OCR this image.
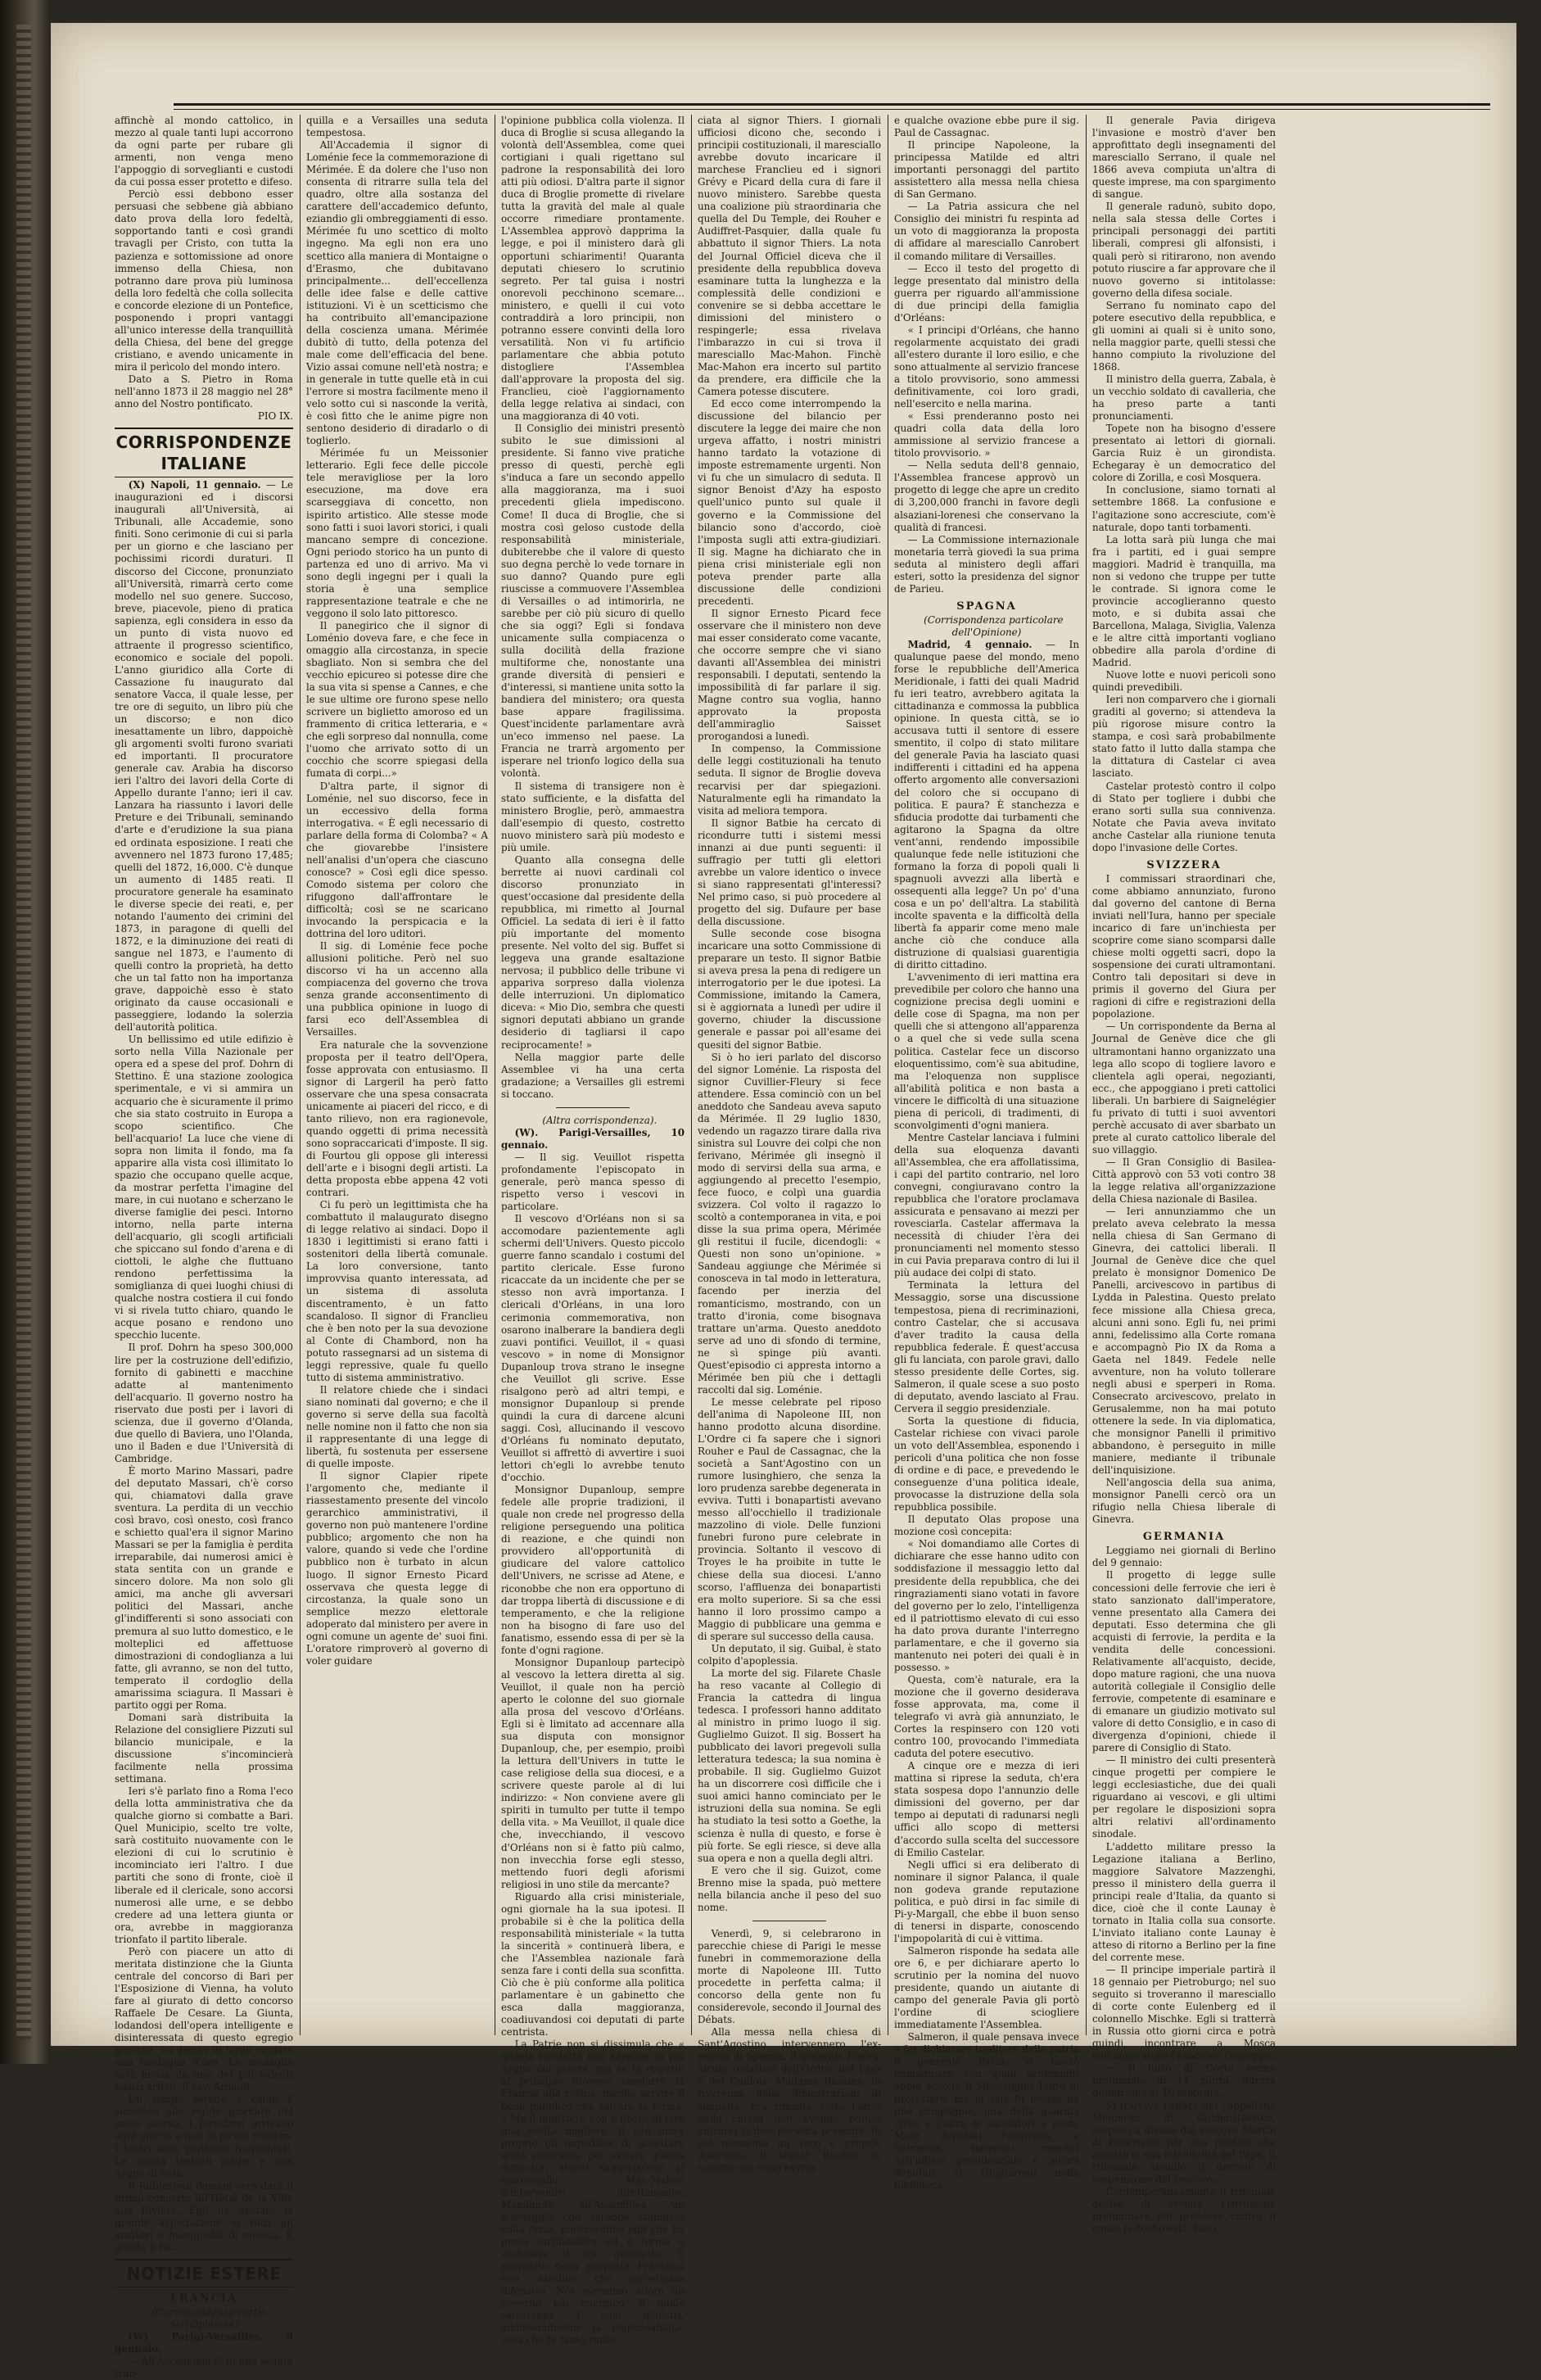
affinchè al mondo cattolico, in mezzo al quale tanti lupi accorrono da ogni parte per rubare gli armenti, non venga meno l'appoggio di sorveglianti e custodi da cui possa esser protetto e difeso.

Perciò essi debbono esser persuasi che sebbene già abbiano dato prova della loro fedeltà, sopportando tanti e così grandi travagli per Cristo, con tutta la pazienza e sottomissione ad onore immenso della Chiesa, non potranno dare prova più luminosa della loro fedeltà che colla sollecita e concorde elezione di un Pontefice, posponendo i propri vantaggi all'unico interesse della tranquillità della Chiesa, del bene del gregge cristiano, e avendo unicamente in mira il perìcolo del mondo intero.

Dato a S. Pietro in Roma nell'anno 1873 il 28 maggio nel 28° anno del Nostro pontificato.

PIO IX.

CORRISPONDENZE ITALIANE

(X) Napoli, 11 gennaio. — Le inaugurazioni ed i discorsi inaugurali all'Università, ai Tribunali, alle Accademie, sono finiti. Sono cerimonie di cui si parla per un giorno e che lasciano per pochissimi ricordi duraturi. Il discorso del Ciccone, pronunziato all'Università, rimarrà certo come modello nel suo genere. Succoso, breve, piacevole, pieno di pratica sapienza, egli considera in esso da un punto di vista nuovo ed attraente il progresso scientifico, economico e sociale del popoli. L'anno giuridico alla Corte di Cassazione fu inaugurato dal senatore Vacca, il quale lesse, per tre ore di seguito, un libro più che un discorso; e non dico inesattamente un libro, dappoichè gli argomenti svolti furono svariati ed importanti. Il procuratore generale cav. Arabia ha discorso ieri l'altro dei lavori della Corte di Appello durante l'anno; ieri il cav. Lanzara ha riassunto i lavori delle Preture e dei Tribunali, seminando d'arte e d'erudizione la sua piana ed ordinata esposizione. I reati che avvennero nel 1873 furono 17,485; quelli del 1872, 16,000. C'è dunque un aumento di 1485 reati. Il procuratore generale ha esaminato le diverse specie dei reati, e, per notando l'aumento dei crimini del 1873, in paragone di quelli del 1872, e la diminuzione dei reati di sangue nel 1873, e l'aumento di quelli contro la proprietà, ha detto che un tal fatto non ha importanza grave, dappoichè esso è stato originato da cause occasionali e passeggiere, lodando la solerzia dell'autorità politica.

Un bellissimo ed utile edifizio è sorto nella Villa Nazionale per opera ed a spese del prof. Dohrn di Stettino. È una stazione zoologica sperimentale, e vi si ammira un acquario che è sicuramente il primo che sia stato costruito in Europa a scopo scientifico. Che bell'acquario! La luce che viene di sopra non limita il fondo, ma fa apparire alla vista così illimitato lo spazio che occupano quelle acque, da mostrar perfetta l'imagine del mare, in cui nuotano e scherzano le diverse famiglie dei pesci. Intorno intorno, nella parte interna dell'acquario, gli scogli artificiali che spiccano sul fondo d'arena e di ciottoli, le alghe che fluttuano rendono perfettissima la somiglianza di quei luoghi chiusi di qualche nostra costiera il cui fondo vi si rivela tutto chiaro, quando le acque posano e rendono uno specchio lucente.

Il prof. Dohrn ha speso 300,000 lire per la costruzione dell'edifizio, fornito di gabinetti e macchine adatte al mantenimento dell'acquario. Il governo nostro ha riservato due posti per i lavori di scienza, due il governo d'Olanda, due quello di Baviera, uno l'Olanda, uno il Baden e due l'Università di Cambridge.

È morto Marino Massari, padre del deputato Massari, ch'è corso qui, chiamatovi dalla grave sventura. La perdita di un vecchio così bravo, così onesto, così franco e schietto qual'era il signor Marino Massari se per la famiglia è perdita irreparabile, dai numerosi amici è stata sentita con un grande e sincero dolore. Ma non solo gli amici, ma anche gli avversari politici del Massari, anche gl'indifferenti si sono associati con premura al suo lutto domestico, e le molteplici ed affettuose dimostrazioni di condoglianza a lui fatte, gli avranno, se non del tutto, temperato il cordoglio della amarissima sciagura. Il Massari è partito oggi per Roma.

Domani sarà distribuita la Relazione del consigliere Pizzuti sul bilancio municipale, e la discussione s'incomincierà facilmente nella prossima settimana.

Ieri s'è parlato fino a Roma l'eco della lotta amministrativa che da qualche giorno si combatte a Bari. Quel Municipio, scelto tre volte, sarà costituito nuovamente con le elezioni di cui lo scrutinio è incominciato ieri l'altro. I due partiti che sono di fronte, cioè il liberale ed il clericale, sono accorsi numerosi alle urne, e se debbo credere ad una lettera giunta or ora, avrebbe in maggioranza trionfato il partito liberale.

Però con piacere un atto di meritata distinzione che la Giunta centrale del concorso di Bari per l'Esposizione di Vienna, ha voluto fare al giurato di detto concorso Raffaele De Cesare. La Giunta, lodandosi dell'opera intelligente e disinteressata di questo egregio giovane, ha deciso di fargli coniare una medaglia d'oro. La medaglia sarà incisa da uno dei più valenti nostri artisti, il cav. Arnaud.

Un tempo sereno e caldo è successo alle rigide giornate del mese scorso. I forestieri arrivano ogni giorno e non in piccol numero. I teatri sono piuttosto frequentati. Le novità teatrali poche e non degne di nota.

Il Rubinstein domani sera darà il primo concerto all'Hôtel de la Ville alla Riviera. Egli ha destato la grande aspettazione di tutti gli amatori e buongustai di musica. È giunto il Re.

NOTIZIE ESTERE
FRANCIA

(Corrispondenza partic. dell'Opinione)

(W) Parigi-Versailles, 9 gennaio.

— All'Accademia ci fu una seduta tran-

quilla e a Versailles una seduta tempestosa.

All'Accademia il signor di Loménie fece la commemorazione di Mérimée. È da dolere che l'uso non consenta di ritrarre sulla tela del quadro, oltre alla sostanza del carattere dell'accademico defunto, eziandio gli ombreggiamenti di esso. Mérimée fu uno scettico di molto ingegno. Ma egli non era uno scettico alla maniera di Montaigne o d'Erasmo, che dubitavano principalmente... dell'eccellenza delle idee false e delle cattive istituzioni. Vi è un scetticismo che ha contribuito all'emancipazione della coscienza umana. Mérimée dubitò di tutto, della potenza del male come dell'efficacia del bene. Vizio assai comune nell'età nostra; e in generale in tutte quelle età in cui l'errore si mostra facilmente meno il velo sotto cui si nasconde la verità, è così fitto che le anime pigre non sentono desiderio di diradarlo o di toglierlo.

Mérimée fu un Meissonier letterario. Egli fece delle piccole tele meravigliose per la loro esecuzione, ma dove era scarseggiava di concetto, non ispirito artistico. Alle stesse mode sono fatti i suoi lavori storici, i quali mancano sempre di concezione. Ogni periodo storico ha un punto di partenza ed uno di arrivo. Ma vi sono degli ingegni per i quali la storia è una semplice rappresentazione teatrale e che ne veggono il solo lato pittoresco.

Il panegirico che il signor di Loménio doveva fare, e che fece in omaggio alla circostanza, in specie sbagliato. Non si sembra che del vecchio epicureo si potesse dire che la sua vita si spense a Cannes, e che le sue ultime ore furono spese nello scrivere un biglietto amoroso ed un frammento di critica letteraria, e « che egli sorpreso dal nonnulla, come l'uomo che arrivato sotto di un cocchio che scorre spiegasi della fumata di corpi...»

D'altra parte, il signor di Loménie, nel suo discorso, fece in un eccessivo della forma interrogativa. « È egli necessario di parlare della forma di Colomba? « A che giovarebbe l'insistere nell'analisi d'un'opera che ciascuno conosce? » Così egli dice spesso. Comodo sistema per coloro che rifuggono dall'affrontare le difficoltà; così se ne scaricano invocando la perspicacia e la dottrina del loro uditori.

Il sig. di Loménie fece poche allusioni politiche. Però nel suo discorso vi ha un accenno alla compiacenza del governo che trova senza grande acconsentimento di una pubblica opinione in luogo di farsi eco dell'Assemblea di Versailles.

Era naturale che la sovvenzione proposta per il teatro dell'Opera, fosse approvata con entusiasmo. Il signor di Largeril ha però fatto osservare che una spesa consacrata unicamente ai piaceri del ricco, e di tanto rilievo, non era ragionevole, quando oggetti di prima necessità sono sopraccaricati d'imposte. Il sig. di Fourtou gli oppose gli interessi dell'arte e i bisogni degli artisti. La detta proposta ebbe appena 42 voti contrari.

Ci fu però un legittimista che ha combattuto il malaugurato disegno di legge relativo ai sindaci. Dopo il 1830 i legittimisti si erano fatti i sostenitori della libertà comunale. La loro conversione, tanto improvvisa quanto interessata, ad un sistema di assoluta discentramento, è un fatto scandaloso. Il signor di Franclieu che è ben noto per la sua devozione al Conte di Chambord, non ha potuto rassegnarsi ad un sistema di leggi repressive, quale fu quello tutto di sistema amministrativo.

Il relatore chiede che i sindaci siano nominati dal governo; e che il governo si serve della sua facoltà nelle nomine non il fatto che non sia il rappresentante di una legge di libertà, fu sostenuta per essersene di quelle imposte.

Il signor Clapier ripete l'argomento che, mediante il riassestamento presente del vincolo gerarchico amministrativi, il governo non può mantenere l'ordine pubblico; argomento che non ha valore, quando si vede che l'ordine pubblico non è turbato in alcun luogo. Il signor Ernesto Picard osservava che questa legge di circostanza, la quale sono un semplice mezzo elettorale adoperato dal ministero per avere in ogni comune un agente de' suoi fini. L'oratore rimproverò al governo di voler guidare

l'opinione pubblica colla violenza. Il duca di Broglie si scusa allegando la volontà dell'Assemblea, come quei cortigiani i quali rigettano sul padrone la responsabilità dei loro atti più odiosi. D'altra parte il signor duca di Broglie promette di rivelare tutta la gravità del male al quale occorre rimediare prontamente. L'Assemblea approvò dapprima la legge, e poi il ministero darà gli opportuni schiarimenti! Quaranta deputati chiesero lo scrutinio segreto. Per tal guisa i nostri onorevoli pecchinono scemare... ministero, e quelli il cui voto contraddirà a loro principii, non potranno essere convinti della loro versatilità. Non vi fu artificio parlamentare che abbia potuto distogliere l'Assemblea dall'approvare la proposta del sig. Franclieu, cioè l'aggiornamento della legge relativa ai sindaci, con una maggioranza di 40 voti.

Il Consiglio dei ministri presentò subito le sue dimissioni al presidente. Si fanno vive pratiche presso di questi, perchè egli s'induca a fare un secondo appello alla maggioranza, ma i suoi precedenti gliela impediscono. Come! Il duca di Broglie, che si mostra così geloso custode della responsabilità ministeriale, dubiterebbe che il valore di questo suo degna perchè lo vede tornare in suo danno? Quando pure egli riuscisse a commuovere l'Assemblea di Versailles o ad intimorirla, ne sarebbe per ciò più sicuro di quello che sia oggi? Egli si fondava unicamente sulla compiacenza o sulla docilità della frazione multiforme che, nonostante una grande diversità di pensieri e d'interessi, si mantiene unita sotto la bandiera del ministero; ora questa base appare fragilissima. Quest'incidente parlamentare avrà un'eco immenso nel paese. La Francia ne trarrà argomento per isperare nel trionfo logico della sua volontà.

Il sistema di transigere non è stato sufficiente, e la disfatta del ministero Broglie, però, ammaestra dall'esempio di questo, costretto nuovo ministero sarà più modesto e più umile.

Quanto alla consegna delle berrette ai nuovi cardinali col discorso pronunziato in quest'occasione dal presidente della repubblica, mi rimetto al Journal Officiel. La sedata di ieri è il fatto più importante del momento presente. Nel volto del sig. Buffet si leggeva una grande esaltazione nervosa; il pubblico delle tribune vi appariva sorpreso dalla violenza delle interruzioni. Un diplomatico diceva: « Mio Dio, sembra che questi signori deputati abbiano un grande desiderio di tagliarsi il capo reciprocamente! »

Nella maggior parte delle Assemblee vi ha una certa gradazione; a Versailles gli estremi si toccano.

(Altra corrispondenza).

(W). Parigi-Versailles, 10 gennaio.

— Il sig. Veuillot rispetta profondamente l'episcopato in generale, però manca spesso di rispetto verso i vescovi in particolare.

Il vescovo d'Orléans non si sa accomodare pazientemente agli schermi dell'Univers. Questo piccolo guerre fanno scandalo i costumi del partito clericale. Esse furono ricaccate da un incidente che per se stesso non avrà importanza. I clericali d'Orléans, in una loro cerimonia commemorativa, non osarono inalberare la bandiera degli zuavi pontifici. Veuillot, il « quasi vescovo » in nome di Monsignor Dupanloup trova strano le insegne che Veuillot gli scrive. Esse risalgono però ad altri tempi, e monsignor Dupanloup si prende quindi la cura di darcene alcuni saggi. Così, allucinando il vescovo d'Orléans fu nominato deputato, Veuillot si affrettò di avvertire i suoi lettori ch'egli lo avrebbe tenuto d'occhio.

Monsignor Dupanloup, sempre fedele alle proprie tradizioni, il quale non crede nel progresso della religione perseguendo una politica di reazione, e che quindi non provvidero all'opportunità di giudicare del valore cattolico dell'Univers, ne scrisse ad Atene, e riconobbe che non era opportuno di dar troppa libertà di discussione e di temperamento, e che la religione non ha bisogno di fare uso del fanatismo, essendo essa di per sè la fonte d'ogni ragione.

Monsignor Dupanloup partecipò al vescovo la lettera diretta al sig. Veuillot, il quale non ha perciò aperto le colonne del suo giornale alla prosa del vescovo d'Orléans. Egli si è limitato ad accennare alla sua disputa con monsignor Dupanloup, che, per esempio, proibì la lettura dell'Univers in tutte le case religiose della sua diocesi, e a scrivere queste parole al di lui indirizzo: « Non conviene avere gli spiriti in tumulto per tutte il tempo della vita. » Ma Veuillot, il quale dice che, invecchiando, il vescovo d'Orléans non si è fatto più calmo, non invecchia forse egli stesso, mettendo fuori degli aforismi religiosi in uno stile da mercante?

Riguardo alla crisi ministeriale, ogni giornale ha la sua ipotesi. Il probabile si è che la politica della responsabilità ministeriale « la tutta la sincerità » continuerà libera, e che l'Assemblea nazionale farà senza fare i conti della sua sconfitta. Ciò che è più conforme alla politica parlamentare è un gabinetto che esca dalla maggioranza, coadiuvandosi coi deputati di parte centrista.

La Patrie non si dissimula che « questa condotta non sarebbe la più degna del potere; ma se la rispetto al principio dovesse condurre la Francia alla rovina, meglio servire il bene pubblico che salvare la forma. » Ma il ministero non è libero di fare una scelta migliore. Il suo amor proprio gli impedisce di accettare aiuto contrario; per evitare questa difficoltà, alcuni suggeriscono al maresciallo Mac-Mahon d'intervenire direttamente. Mandando all'Assemblea un messaggio che sarebbe stampato colla forza, mostrerebbe egli che ha preso un'iniziativa ed è fermo a sostenere il suo gabinetto. Il proposito della proposta Franclieu non sarebbe che un'ostinata difensiva. Noi avremmo allora un governo più energico, il quale salverebbe i suoi ministri, addossandosene la responsabilità, cosa che fu tanto rinfac-

ciata al signor Thiers. I giornali ufficiosi dicono che, secondo i principii costituzionali, il maresciallo avrebbe dovuto incaricare il marchese Franclieu ed i signori Grévy e Picard della cura di fare il nuovo ministero. Sarebbe questa una coalizione più straordinaria che quella del Du Temple, dei Rouher e Audiffret-Pasquier, dalla quale fu abbattuto il signor Thiers. La nota del Journal Officiel diceva che il presidente della repubblica doveva esaminare tutta la lunghezza e la complessità delle condizioni e convenire se si debba accettare le dimissioni del ministero o respingerle; essa rivelava l'imbarazzo in cui si trova il maresciallo Mac-Mahon. Finchè Mac-Mahon era incerto sul partito da prendere, era difficile che la Camera potesse discutere.

Ed ecco come interrompendo la discussione del bilancio per discutere la legge dei maire che non urgeva affatto, i nostri ministri hanno tardato la votazione di imposte estremamente urgenti. Non vi fu che un simulacro di seduta. Il signor Benoist d'Azy ha esposto quell'unico punto sul quale il governo e la Commissione del bilancio sono d'accordo, cioè l'imposta sugli atti extra-giudiziari. Il sig. Magne ha dichiarato che in piena crisi ministeriale egli non poteva prender parte alla discussione delle condizioni precedenti.

Il signor Ernesto Picard fece osservare che il ministero non deve mai esser considerato come vacante, che occorre sempre che vi siano davanti all'Assemblea dei ministri responsabili. I deputati, sentendo la impossibilità di far parlare il sig. Magne contro sua voglia, hanno approvato la proposta dell'ammiraglio Saisset prorogandosi a lunedì.

In compenso, la Commissione delle leggi costituzionali ha tenuto seduta. Il signor de Broglie doveva recarvisi per dar spiegazioni. Naturalmente egli ha rimandato la visita ad meliora tempora.

Il signor Batbie ha cercato di ricondurre tutti i sistemi messi innanzi ai due punti seguenti: il suffragio per tutti gli elettori avrebbe un valore identico o invece si siano rappresentati gl'interessi? Nel primo caso, si può procedere al progetto del sig. Dufaure per base della discussione.

Sulle seconde cose bisogna incaricare una sotto Commissione di preparare un testo. Il signor Batbie si aveva presa la pena di redigere un interrogatorio per le due ipotesi. La Commissione, imitando la Camera, si è aggiornata a lunedì per udire il governo, chiuder la discussione generale e passar poi all'esame dei quesiti del signor Batbie.

Si ò ho ieri parlato del discorso del signor Loménie. La risposta del signor Cuvillier-Fleury si fece attendere. Essa cominciò con un bel aneddoto che Sandeau aveva saputo da Mérimée. Il 29 luglio 1830, vedendo un ragazzo tirare dalla riva sinistra sul Louvre dei colpi che non ferivano, Mérimée gli insegnò il modo di servirsi della sua arma, e aggiungendo al precetto l'esempio, fece fuoco, e colpì una guardia svizzera. Col volto il ragazzo lo scoltò a contemporanea in vita, e poi disse la sua prima opera, Mérimée gli restitui il fucile, dicendogli: « Questi non sono un'opinione. » Sandeau aggiunge che Mérimée si conosceva in tal modo in letteratura, facendo per inerzia del romanticismo, mostrando, con un tratto d'ironia, come bisognava trattare un'arma. Questo aneddoto serve ad uno di sfondo di termine, ne sì spinge più avanti. Quest'episodio ci appresta intorno a Mérimée ben più che i dettagli raccolti dal sig. Loménie.

Le messe celebrate pel riposo dell'anima di Napoleone III, non hanno prodotto alcuna disordine. L'Ordre ci fa sapere che i signori Rouher e Paul de Cassagnac, che la società a Sant'Agostino con un rumore lusinghiero, che senza la loro prudenza sarebbe degenerata in evviva. Tutti i bonapartisti avevano messo all'occhiello il tradizionale mazzolino di viole. Delle funzioni funebri furono pure celebrate in provincia. Soltanto il vescovo di Troyes le ha proibite in tutte le chiese della sua diocesi. L'anno scorso, l'affluenza dei bonapartisti era molto superiore. Si sa che essi hanno il loro prossimo campo a Maggio di pubblicare una gemma e di sperare sul successo della causa.

Un deputato, il sig. Guibal, è stato colpito d'apoplessia.

La morte del sig. Filarete Chasle ha reso vacante al Collegio di Francia la cattedra di lingua tedesca. I professori hanno additato al ministro in primo luogo il sig. Guglielmo Guizot. Il sig. Bossert ha pubblicato dei lavori pregevoli sulla letteratura tedesca; la sua nomina è probabile. Il sig. Guglielmo Guizot ha un discorrere così difficile che i suoi amici hanno cominciato per le istruzioni della sua nomina. Se egli ha studiato la tesi sotto a Goethe, la scienza è nulla di questo, e forse è più forte. Se egli riesce, si deve alla sua opera e non a quella degli altri.

E vero che il sig. Guizot, come Brenno mise la spada, può mettere nella bilancia anche il peso del suo nome.

Venerdì, 9, si celebrarono in parecchie chiese di Parigi le messe funebri in commemorazione della morte di Napoleone III. Tutto procedette in perfetta calma; il concorso della gente non fu considerevole, secondo il Journal des Débats.

Alla messa nella chiesa di Sant'Agostino intervennero l'ex-regina di Spagna, il generale Fleury, alcuni redattori dell'Ordre, del Pays e del Gaulois. Madama Bazaine, in riverenza delle dimostrazioni di simpatia, era rimasta sotto l'atrio della chiesa non avendo potuto entrarvi ci dice persona presente, fu nel momento un vero e proprio disordine. Il signor Rouher fu accolto con degli evviva

e qualche ovazione ebbe pure il sig. Paul de Cassagnac.

Il principe Napoleone, la principessa Matilde ed altri importanti personaggi del partito assistettero alla messa nella chiesa di San Germano.

— La Patria assicura che nel Consiglio dei ministri fu respinta ad un voto di maggioranza la proposta di affidare al maresciallo Canrobert il comando militare di Versailles.

— Ecco il testo del progetto di legge presentato dal ministro della guerra per riguardo all'ammissione di due principi della famiglia d'Orléans:

« I principi d'Orléans, che hanno regolarmente acquistato dei gradi all'estero durante il loro esilio, e che sono attualmente al servizio francese a titolo provvisorio, sono ammessi definitivamente, coi loro gradi, nell'esercito e nella marina.

« Essi prenderanno posto nei quadri colla data della loro ammissione al servizio francese a titolo provvisorio. »

— Nella seduta dell'8 gennaio, l'Assemblea francese approvò un progetto di legge che apre un credito di 3,200,000 franchi in favore degli alsaziani-lorenesi che conservano la qualità di francesi.

— La Commissione internazionale monetaria terrà giovedì la sua prima seduta al ministero degli affari esteri, sotto la presidenza del signor de Parieu.

SPAGNA

(Corrispondenza particolare dell'Opinione)

Madrid, 4 gennaio. — In qualunque paese del mondo, meno forse le repubbliche dell'America Meridionale, i fatti dei quali Madrid fu ieri teatro, avrebbero agitata la cittadinanza e commossa la pubblica opinione. In questa città, se io accusava tutti il sentore di essere smentito, il colpo di stato militare del generale Pavia ha lasciato quasi indifferenti i cittadini ed ha appena offerto argomento alle conversazioni del coloro che si occupano di politica. E paura? È stanchezza e sfiducia prodotte dai turbamenti che agitarono la Spagna da oltre vent'anni, rendendo impossibile qualunque fede nelle istituzioni che formano la forza di popoli quali li spagnuoli avvezzi alla libertà e ossequenti alla legge? Un po' d'una cosa e un po' dell'altra. La stabilità incolte spaventa e la difficoltà della libertà fa apparir come meno male anche ciò che conduce alla distruzione di qualsiasi guarentigia di diritto cittadino.

L'avvenimento di ieri mattina era prevedibile per coloro che hanno una cognizione precisa degli uomini e delle cose di Spagna, ma non per quelli che si attengono all'apparenza o a quel che si vede sulla scena politica. Castelar fece un discorso eloquentissimo, com'è sua abitudine, ma l'eloquenza non supplisce all'abilità politica e non basta a vincere le difficoltà di una situazione piena di pericoli, di tradimenti, di sconvolgimenti d'ogni maniera.

Mentre Castelar lanciava i fulmini della sua eloquenza davanti all'Assemblea, che era affollatissima, i capi del partito contrario, nel loro convegni, congiuravano contro la repubblica che l'oratore proclamava assicurata e pensavano ai mezzi per rovesciarla. Castelar affermava la necessità di chiuder l'èra dei pronunciamenti nel momento stesso in cui Pavia preparava contro di lui il più audace dei colpi di stato.

Terminata la lettura del Messaggio, sorse una discussione tempestosa, piena di recriminazioni, contro Castelar, che si accusava d'aver tradito la causa della repubblica federale. È quest'accusa gli fu lanciata, con parole gravi, dallo stesso presidente delle Cortes, sig. Salmeron, il quale scese a suo posto di deputato, avendo lasciato al Frau. Cervera il seggio presidenziale.

Sorta la questione di fiducia, Castelar richiese con vivaci parole un voto dell'Assemblea, esponendo i pericoli d'una politica che non fosse di ordine e di pace, e prevedendo le conseguenze d'una politica ideale, provocasse la distruzione della sola repubblica possibile.

Il deputato Olas propose una mozione così concepita:

« Noi domandiamo alle Cortes di dichiarare che esse hanno udito con soddisfazione il messaggio letto dal presidente della repubblica, che dei ringraziamenti siano votati in favore del governo per lo zelo, l'intelligenza ed il patriottismo elevato di cui esso ha dato prova durante l'interregno parlamentare, e che il governo sia mantenuto nei poteri dei quali è in possesso. »

Questa, com'è naturale, era la mozione che il governo desiderava fosse approvata, ma, come il telegrafo vi avrà già annunziato, le Cortes la respinsero con 120 voti contro 100, provocando l'immediata caduta del potere esecutivo.

A cinque ore e mezza di ieri mattina si riprese la seduta, ch'era stata sospesa dopo l'annunzio delle dimissioni del governo, per dar tempo ai deputati di radunarsi negli uffici allo scopo di mettersi d'accordo sulla scelta del successore di Emilio Castelar.

Negli uffici si era deliberato di nominare il signor Palanca, il quale non godeva grande reputazione politica, e può dirsi in fac simile di Pi-y-Margall, che ebbe il buon senso di tenersi in disparte, conoscendo l'impopolarità di cui è vittima.

Salmeron risponde ha sedata alle ore 6, e per dichiarare aperto lo scrutinio per la nomina del nuovo presidente, quando un aiutante di campo del generale Pavia gli portò l'ordine di sciogliere immediatamente l'Assemblea.

Salmeron, il quale pensava invece a far dichiarare traditore della patria il generale Pavia, vi lasciò immaginare con quali sentimenti abbia accolto il Messaggio! Tentò di protestare, ma la sala fu invasa da due compagnie, una della guardia civile e l'altra di cacciatori a piedi. Molti deputati fuggirono, e Salmeron, parecchi membri dell'ufficio presidenziale e alcuni deputati si rifugiarono nella biblioteca.

Il generale Pavia dirigeva l'invasione e mostrò d'aver ben approfittato degli insegnamenti del maresciallo Serrano, il quale nel 1866 aveva compiuta un'altra di queste imprese, ma con spargimento di sangue.

Il generale radunò, subito dopo, nella sala stessa delle Cortes i principali personaggi dei partiti liberali, compresi gli alfonsisti, i quali però si ritirarono, non avendo potuto riuscire a far approvare che il nuovo governo si intitolasse: governo della difesa sociale.

Serrano fu nominato capo del potere esecutivo della repubblica, e gli uomini ai quali si è unito sono, nella maggior parte, quelli stessi che hanno compiuto la rivoluzione del 1868.

Il ministro della guerra, Zabala, è un vecchio soldato di cavalleria, che ha preso parte a tanti pronunciamenti.

Topete non ha bisogno d'essere presentato ai lettori di giornali. Garcia Ruiz è un girondista. Echegaray è un democratico del colore di Zorilla, e così Mosquera.

In conclusione, siamo tornati al settembre 1868. La confusione e l'agitazione sono accresciute, com'è naturale, dopo tanti torbamenti.

La lotta sarà più lunga che mai fra i partiti, ed i guai sempre maggiori. Madrid è tranquilla, ma non si vedono che truppe per tutte le contrade. Si ignora come le provincie accoglieranno questo moto, e si dubita assai che Barcellona, Malaga, Siviglia, Valenza e le altre città importanti vogliano obbedire alla parola d'ordine di Madrid.

Nuove lotte e nuovi pericoli sono quindi prevedibili.

Ieri non comparvero che i giornali graditi al governo; si attendeva la più rigorose misure contro la stampa, e così sarà probabilmente stato fatto il lutto dalla stampa che la dittatura di Castelar ci avea lasciato.

Castelar protestò contro il colpo di Stato per togliere i dubbi che erano sorti sulla sua connivenza. Notate che Pavia aveva invitato anche Castelar alla riunione tenuta dopo l'invasione delle Cortes.

SVIZZERA

I commissari straordinari che, come abbiamo annunziato, furono dal governo del cantone di Berna inviati nell'Iura, hanno per speciale incarico di fare un'inchiesta per scoprire come siano scomparsi dalle chiese molti oggetti sacri, dopo la sospensione dei curati ultramontani. Contro tali depositari si deve in primis il governo del Giura per ragioni di cifre e registrazioni della popolazione.

— Un corrispondente da Berna al Journal de Genève dice che gli ultramontani hanno organizzato una lega allo scopo di togliere lavoro e clientela agli operai, negozianti, ecc., che appoggiano i preti cattolici liberali. Un barbiere di Saignelégier fu privato di tutti i suoi avventori perchè accusato di aver sbarbato un prete al curato cattolico liberale del suo villaggio.

— Il Gran Consiglio di Basilea-Città approvò con 53 voti contro 38 la legge relativa all'organizzazione della Chiesa nazionale di Basilea.

— Ieri annunziammo che un prelato aveva celebrato la messa nella chiesa di San Germano di Ginevra, dei cattolici liberali. Il Journal de Genève dice che quel prelato è monsignor Domenico De Panelli, arcivescovo in partibus di Lydda in Palestina. Questo prelato fece missione alla Chiesa greca, alcuni anni sono. Egli fu, nei primi anni, fedelissimo alla Corte romana e accompagnò Pio IX da Roma a Gaeta nel 1849. Fedele nelle avventure, non ha voluto tollerare negli abusi e sperperi in Roma. Consecrato arcivescovo, prelato in Gerusalemme, non ha mai potuto ottenere la sede. In via diplomatica, che monsignor Panelli il primitivo abbandono, è perseguito in mille maniere, mediante il tribunale dell'inquisizione.

Nell'angoscia della sua anima, monsignor Panelli cercò ora un rifugio nella Chiesa liberale di Ginevra.

GERMANIA

Leggiamo nei giornali di Berlino del 9 gennaio:

Il progetto di legge sulle concessioni delle ferrovie che ieri è stato sanzionato dall'imperatore, venne presentato alla Camera dei deputati. Esso determina che gli acquisti di ferrovie, la perdita e la vendita delle concessioni. Relativamente all'acquisto, decide, dopo mature ragioni, che una nuova autorità collegiale il Consiglio delle ferrovie, competente di esaminare e di emanare un giudizio motivato sul valore di detto Consiglio, e in caso di divergenza d'opinioni, chiede il parere di Consiglio di Stato.

— Il ministro dei culti presenterà cinque progetti per compiere le leggi ecclesiastiche, due dei quali riguardano ai vescovi, e gli ultimi per regolare le disposizioni sopra altri relativi all'ordinamento sinodale.

L'addetto militare presso la Legazione italiana a Berlino, maggiore Salvatore Mazzenghi, presso il ministero della guerra il principi reale d'Italia, da quanto si dice, cioè che il conte Launay è tornato in Italia colla sua consorte. L'inviato italiano conte Launay è atteso di ritorno a Berlino per la fine del corrente mese.

— Il principe imperiale partirà il 18 gennaio per Pietroburgo; nel suo seguito si troveranno il maresciallo di corte conte Eulenberg ed il colonnello Mischke. Egli si tratterrà in Russia otto giorni circa e potrà quindi incontrare a Mosca coll'imperatore Francesco Giuseppe.

— Il lutto di Corte venne prolungato di 14 giorni, durerà quindi sino al 10 febbraio.

Si trattava l'affare del cappellano Mönnicke di Guldenstaetten, sospeso a divinis dal vescovo Martin di Paderborn per una predica che accettò la sua infallibilità del Papa. Il tribunale annullò il decreto di sospensione del vescovo.

Contemporaneamente il tribunale decise di avviare l'istruzione preliminare del processo contro il conte Ledochowski. Esso
